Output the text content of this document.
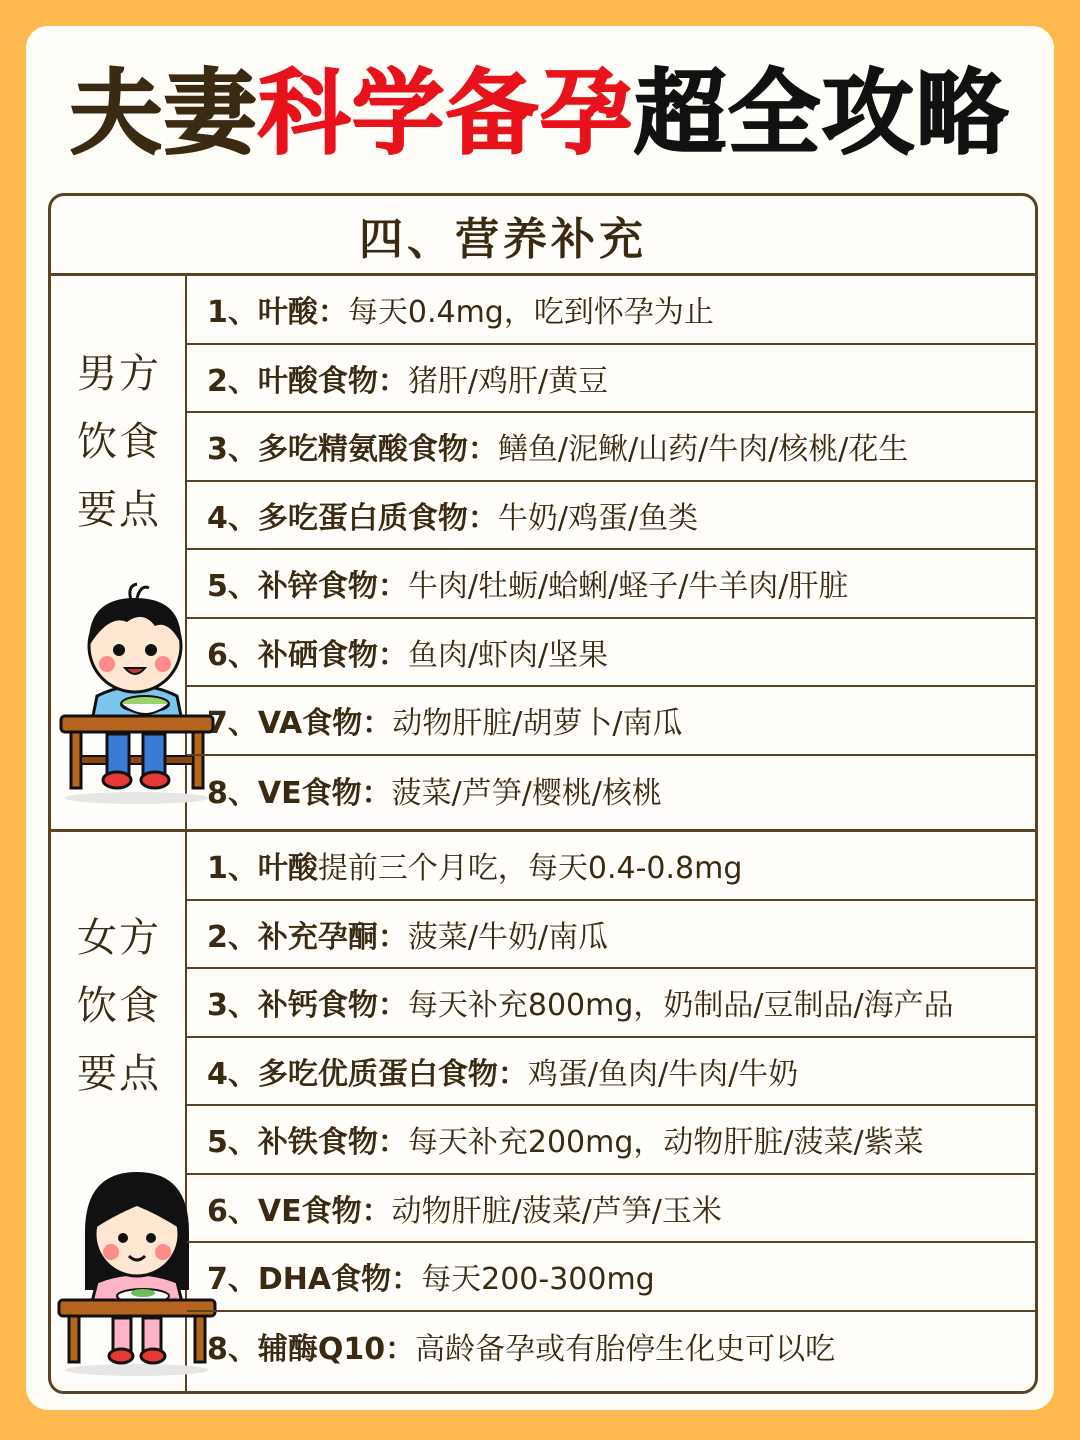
夫妻科学备孕超全攻略
四、营养补充
男方
饮食
要点
1、叶酸： 每天0.4mg，吃到怀孕为止
2、叶酸食物： 猪肝/鸡肝/黄豆
3、多吃精氨酸食物： 鳝鱼/泥鳅/山药/牛肉/核桃/花生
4、多吃蛋白质食物： 牛奶/鸡蛋/鱼类
5、补锌食物： 牛肉/牡蛎/蛤蜊/蛏子/牛羊肉/肝脏
6、补硒食物： 鱼肉/虾肉/坚果
7、VA食物： 动物肝脏/胡萝卜/南瓜
8、VE食物： 菠菜/芦笋/樱桃/核桃
女方
饮食
要点
1、叶酸 提前三个月吃，每天0.4-0.8mg
2、补充孕酮： 菠菜/牛奶/南瓜
3、补钙食物： 每天补充800mg，奶制品/豆制品/海产品
4、多吃优质蛋白食物： 鸡蛋/鱼肉/牛肉/牛奶
5、补铁食物： 每天补充200mg，动物肝脏/菠菜/紫菜
6、VE食物： 动物肝脏/菠菜/芦笋/玉米
7、DHA食物： 每天200-300mg
8、辅酶Q10： 高龄备孕或有胎停生化史可以吃
